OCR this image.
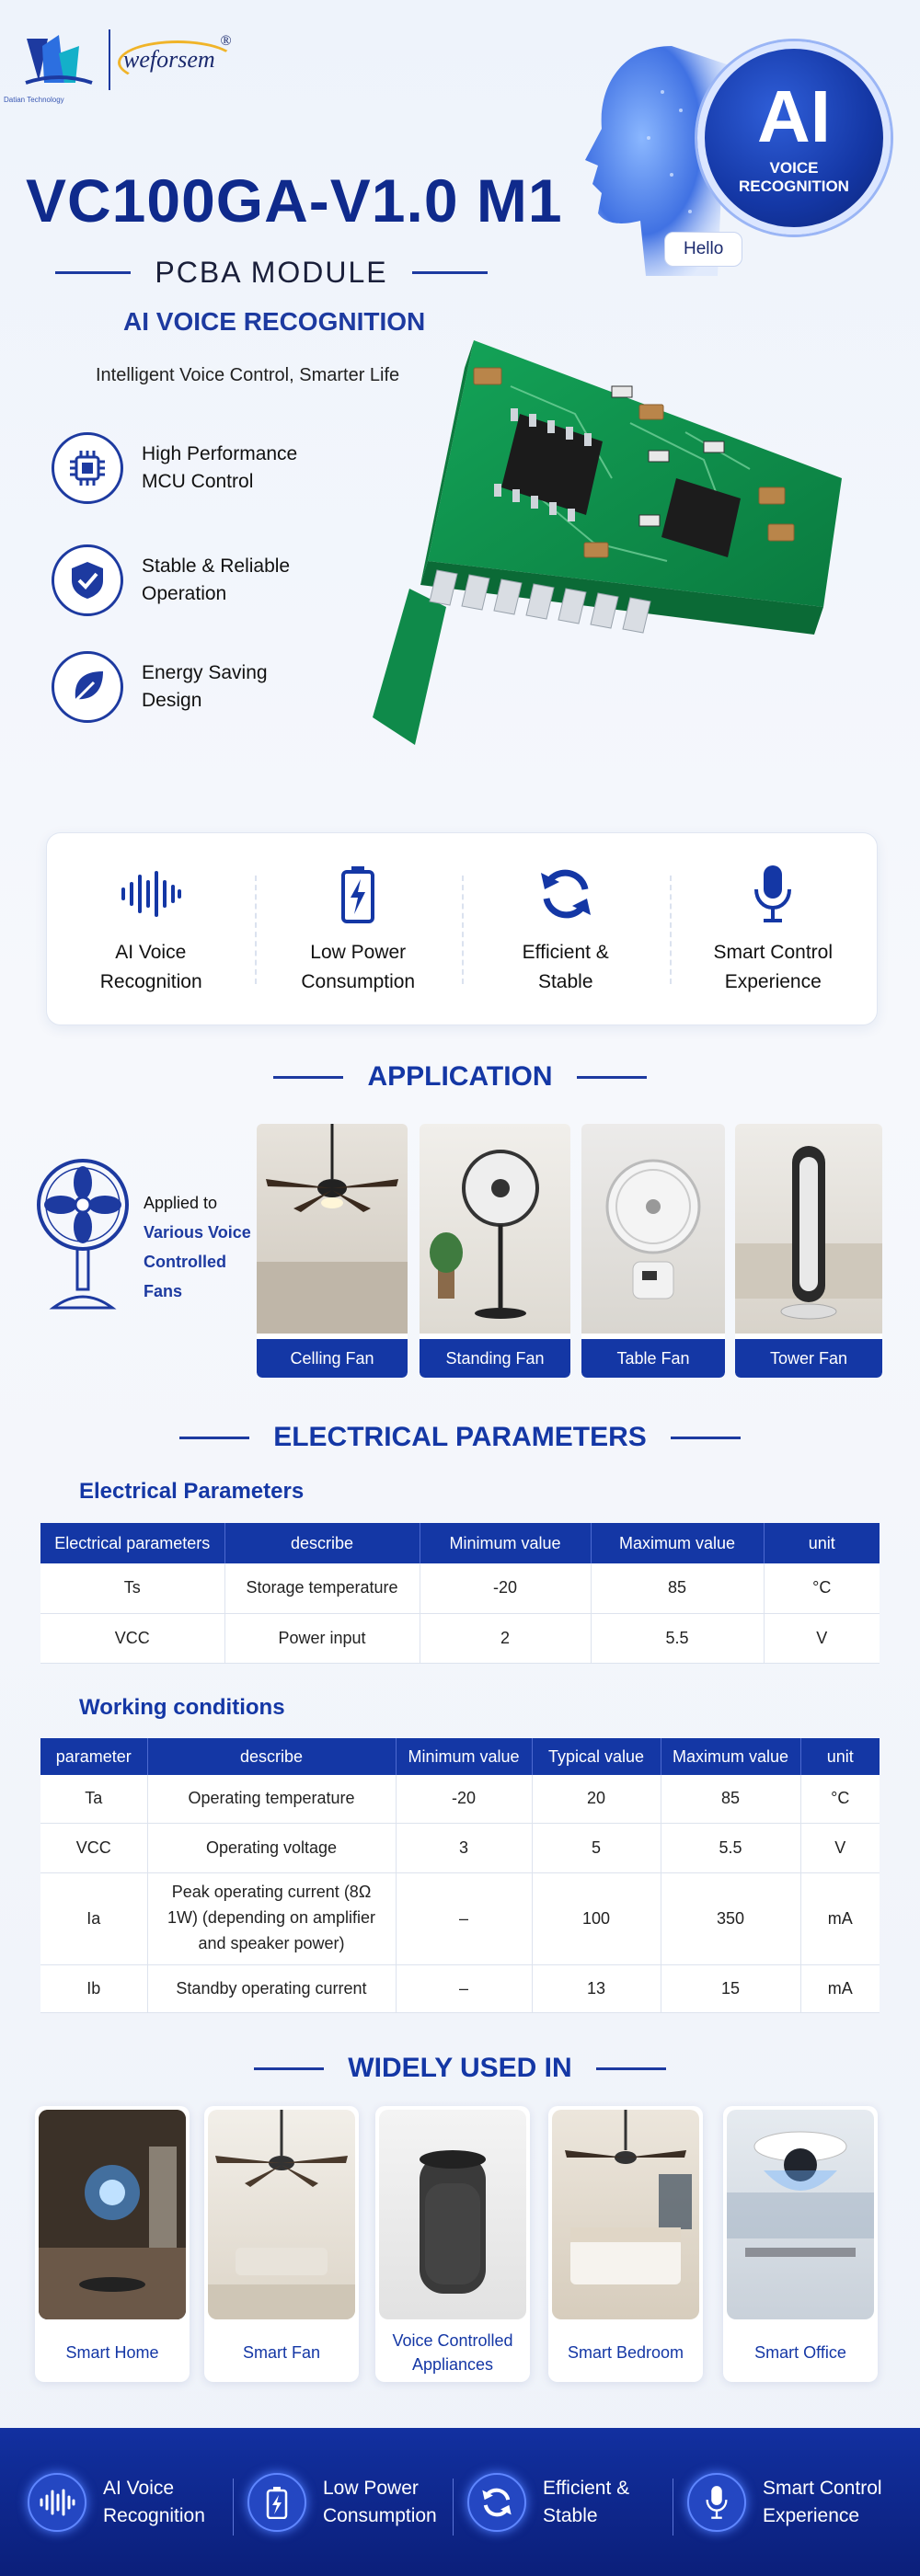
weforsem
®
Datian Technology
VC100GA-V1.0 M1
PCBA MODULE
AI VOICE RECOGNITION
Intelligent Voice Control, Smarter Life
AI
VOICE RECOGNITION
Hello
High Performance MCU Control
Stable & Reliable Operation
Energy Saving Design
AI Voice Recognition
Low Power Consumption
Efficient & Stable
Smart Control Experience
APPLICATION
Applied to
Various Voice Controlled Fans
Celling Fan	Standing Fan	Table Fan	Tower Fan
ELECTRICAL PARAMETERS
Electrical Parameters
Electrical parameters	describe	Minimum value	Maximum value	unit
Ts	Storage temperature	-20	85	°C
VCC	Power input	2	5.5	V
Working conditions
parameter	describe	Minimum value	Typical value	Maximum value	unit
Ta	Operating temperature	-20	20	85	°C
VCC	Operating voltage	3	5	5.5	V
Ia	Peak operating current (8Ω 1W) (depending on amplifier and speaker power)	–	100	350	mA
Ib	Standby operating current	–	13	15	mA
WIDELY USED IN
Smart Home	Smart Fan
Voice Controlled Appliances
Smart Bedroom	Smart Office
AI Voice Recognition
Low Power Consumption
Efficient & Stable
Smart Control Experience
